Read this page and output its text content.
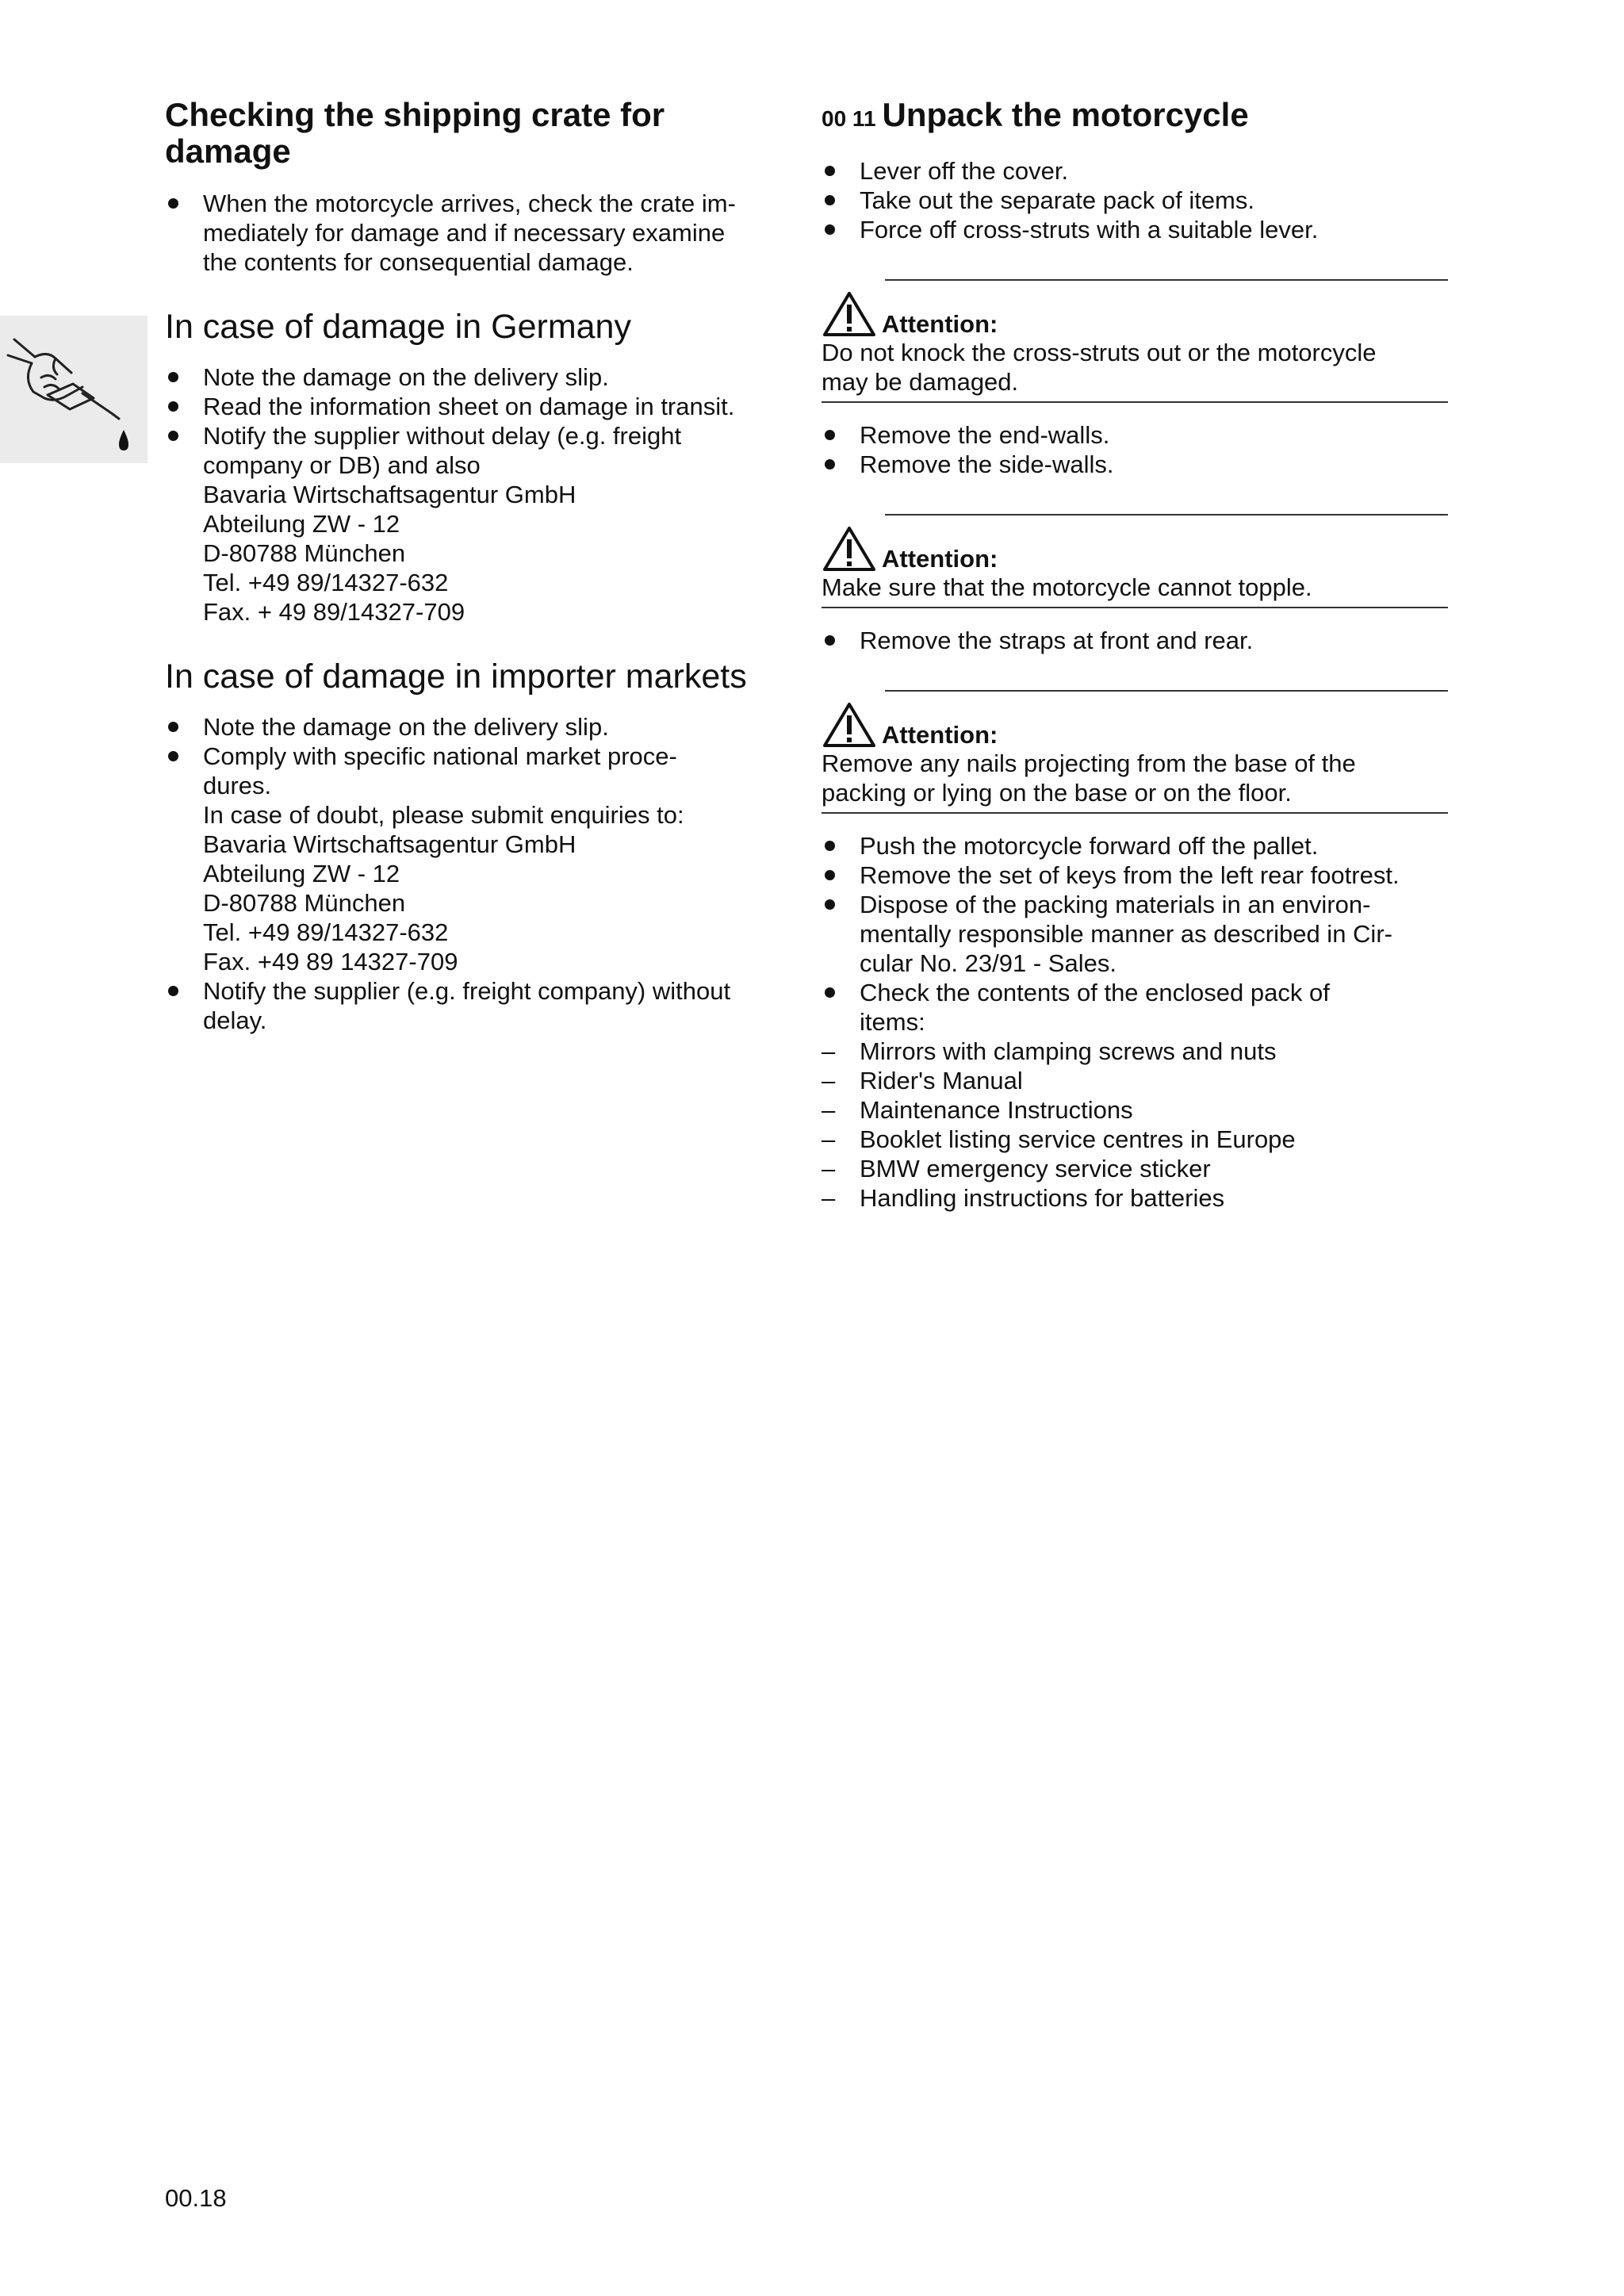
Checking the shipping crate for damage
When the motorcycle arrives, check the crate im-
mediately for damage and if necessary examine
the contents for consequential damage.
In case of damage in Germany
Note the damage on the delivery slip.
Read the information sheet on damage in transit.
Notify the supplier without delay (e.g. freight
company or DB) and also
Bavaria Wirtschaftsagentur GmbH
Abteilung ZW - 12
D-80788 München
Tel. +49 89/14327-632
Fax. + 49 89/14327-709
In case of damage in importer markets
Note the damage on the delivery slip.
Comply with specific national market proce-
dures.
In case of doubt, please submit enquiries to:
Bavaria Wirtschaftsagentur GmbH
Abteilung ZW - 12
D-80788 München
Tel. +49 89/14327-632
Fax. +49 89 14327-709
Notify the supplier (e.g. freight company) without
delay.
00 11 Unpack the motorcycle
Lever off the cover.
Take out the separate pack of items.
Force off cross-struts with a suitable lever.
Attention:
Do not knock the cross-struts out or the motorcycle
may be damaged.
Remove the end-walls.
Remove the side-walls.
Attention:
Make sure that the motorcycle cannot topple.
Remove the straps at front and rear.
Attention:
Remove any nails projecting from the base of the
packing or lying on the base or on the floor.
Push the motorcycle forward off the pallet.
Remove the set of keys from the left rear footrest.
Dispose of the packing materials in an environ-
mentally responsible manner as described in Cir-
cular No. 23/91 - Sales.
Check the contents of the enclosed pack of
items:
– Mirrors with clamping screws and nuts
– Rider's Manual
– Maintenance Instructions
– Booklet listing service centres in Europe
– BMW emergency service sticker
– Handling instructions for batteries
00.18
